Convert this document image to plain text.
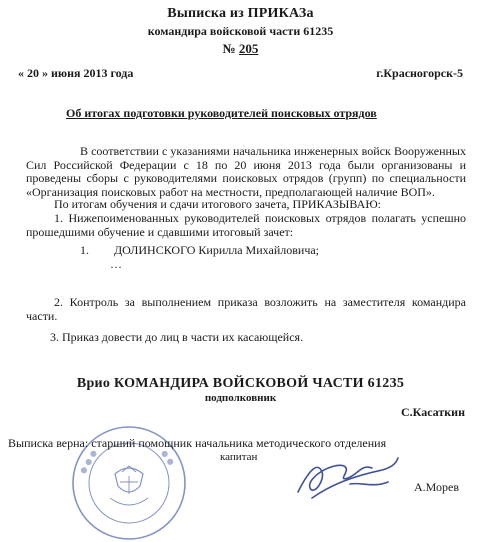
Выписка из ПРИКАЗа
командира войсковой части 61235
№ 205
« 20 » июня 2013 года	г.Красногорск-5
Об итогах подготовки руководителей поисковых отрядов
В соответствии с указаниями начальника инженерных войск Вооруженных Сил Российской Федерации с 18 по 20 июня 2013 года были организованы и проведены сборы с руководителями поисковых отрядов (групп) по специальности «Организация поисковых работ на местности, предполагающей наличие ВОП».
По итогам обучения и сдачи итогового зачета, ПРИКАЗЫВАЮ:
1. Нижепоименованных руководителей поисковых отрядов полагать успешно прошедшими обучение и сдавшими итоговый зачет:
1. ДОЛИНСКОГО Кирилла Михайловича;
…
2. Контроль за выполнением приказа возложить на заместителя командира части.
3. Приказ довести до лиц в части их касающейся.
Врио КОМАНДИРА ВОЙСКОВОЙ ЧАСТИ 61235
подполковник
С.Касаткин
● ● ●	● ●
Выписка верна: старший помощник начальника методического отделения
капитан
А.Морев
